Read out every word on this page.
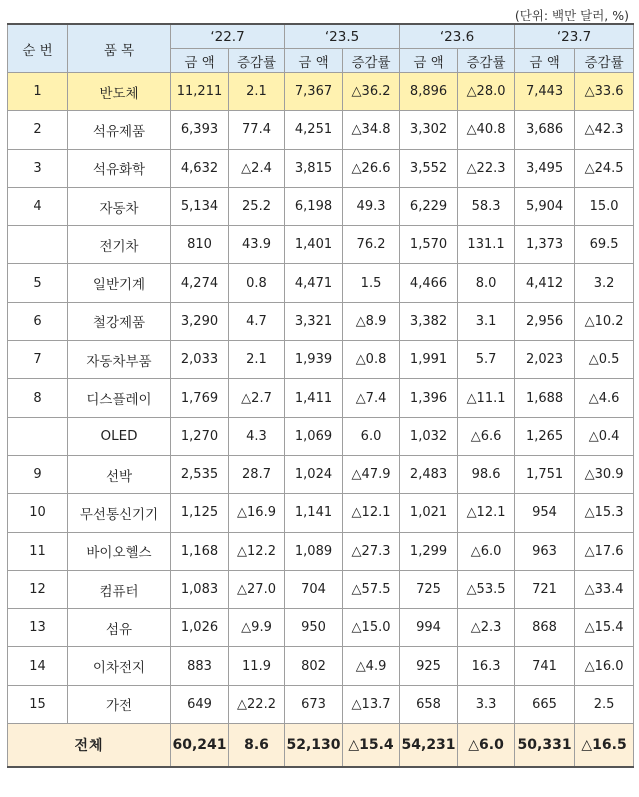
(단위: 백만 달러, %)
순 번	품 목	‘22.7		‘23.5		‘23.6		‘23.7	
		금 액	증감률	금 액	증감률	금 액	증감률	금 액	증감률
1	반도체	11,211	2.1	7,367	△36.2	8,896	△28.0	7,443	△33.6
2	석유제품	6,393	77.4	4,251	△34.8	3,302	△40.8	3,686	△42.3
3	석유화학	4,632	△2.4	3,815	△26.6	3,552	△22.3	3,495	△24.5
4	자동차	5,134	25.2	6,198	49.3	6,229	58.3	5,904	15.0
	전기차	810	43.9	1,401	76.2	1,570	131.1	1,373	69.5
5	일반기계	4,274	0.8	4,471	1.5	4,466	8.0	4,412	3.2
6	철강제품	3,290	4.7	3,321	△8.9	3,382	3.1	2,956	△10.2
7	자동차부품	2,033	2.1	1,939	△0.8	1,991	5.7	2,023	△0.5
8	디스플레이	1,769	△2.7	1,411	△7.4	1,396	△11.1	1,688	△4.6
	OLED	1,270	4.3	1,069	6.0	1,032	△6.6	1,265	△0.4
9	선박	2,535	28.7	1,024	△47.9	2,483	98.6	1,751	△30.9
10	무선통신기기	1,125	△16.9	1,141	△12.1	1,021	△12.1	954	△15.3
11	바이오헬스	1,168	△12.2	1,089	△27.3	1,299	△6.0	963	△17.6
12	컴퓨터	1,083	△27.0	704	△57.5	725	△53.5	721	△33.4
13	섬유	1,026	△9.9	950	△15.0	994	△2.3	868	△15.4
14	이차전지	883	11.9	802	△4.9	925	16.3	741	△16.0
15	가전	649	△22.2	673	△13.7	658	3.3	665	2.5
전체		60,241	8.6	52,130	△15.4	54,231	△6.0	50,331	△16.5
